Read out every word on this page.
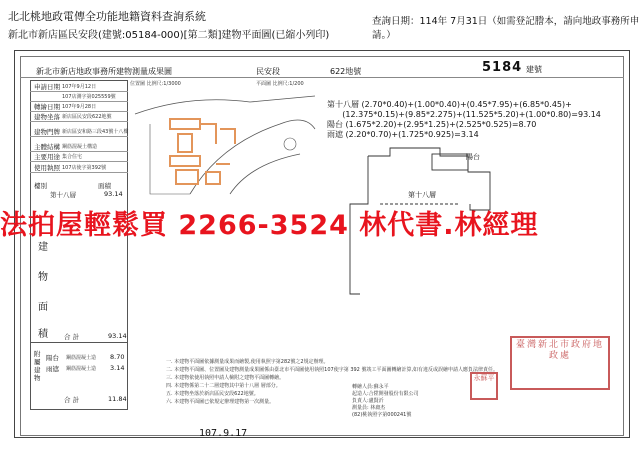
北北桃地政電傳全功能地籍資料查詢系統
新北市新店區民安段(建號:05184-000)[第二類]建物平面圖(已縮小列印)
查詢日期：114年 7月31日（如需登記謄本，請向地政事務所申請。）
新北市新店地政事務所建物測量成果圖	民安段	622地號	5184 建號
位置圖 比例尺:1/3000	平面圖 比例尺:1/200
申請日期 107年9月12日
107店測字第025559號
轉繪日期 107年9月28日
建物坐落 新店區民安段622地號
建物門牌 新店區安和路三段43號十八樓
主體結構 鋼筋混凝土構造
主要用途 集合住宅
使用執照 107店使字第392號
樓別	面積
第十八層	93.14
建
物
面
積 合 計	93.14
附屬建物
陽台 鋼筋混凝土造 8.70
雨遮 鋼筋混凝土造 3.14
合 計	11.84
第十八層 (2.70*0.40)+(1.00*0.40)+(0.45*7.95)+(6.85*0.45)+
(12.375*0.15)+(9.85*2.275)+(11.525*5.20)+(1.00*0.80)=93.14
陽台 (1.675*2.20)+(2.95*1.25)+(2.525*0.525)=8.70
雨遮 (2.20*0.70)+(1.725*0.925)=3.14
陽台
第十八層
一. 本建物平面圖依據測量成果而繪製,使用執照字第282號之2規定辦理。
二. 本建物平面圖、位置圖及建物測量成果圖係由臺北市平面圖使用執照107使字第 392 號竣工平面圖轉繪計算,如有違反或誤繪申請人應負法律責任。
三. 本建物依使用執照申請人檢附之建物平面圖轉繪。
四. 本建物係第二十二層建物其中第十八層 層部分。
五. 本建物坐落於新店區民安段622地號。
六. 本建物平面圖已依規定辦理建物第一次測量。
轉繪人員:蘇永平
起造人:合陞開發股份有限公司
負責人:盧賢沂
測量員: 林庸杰
(82)桃執照字第000241號
永蘇平
臺灣新北市政府地政處
107.9.17
法拍屋輕鬆買 2266-3524 林代書.林經理
